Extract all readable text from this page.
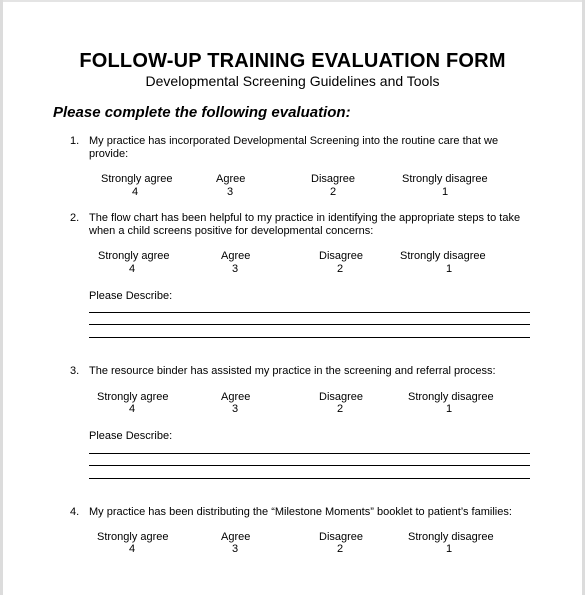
FOLLOW-UP TRAINING EVALUATION FORM
Developmental Screening Guidelines and Tools
Please complete the following evaluation:
1. My practice has incorporated Developmental Screening into the routine care that we provide:
Strongly agree
4
Agree
3
Disagree
2
Strongly disagree
1
2. The flow chart has been helpful to my practice in identifying the appropriate steps to take when a child screens positive for developmental concerns:
Strongly agree
4
Agree
3
Disagree
2
Strongly disagree
1
Please Describe:
3. The resource binder has assisted my practice in the screening and referral process:
Strongly agree
4
Agree
3
Disagree
2
Strongly disagree
1
Please Describe:
4. My practice has been distributing the “Milestone Moments” booklet to patient’s families:
Strongly agree
4
Agree
3
Disagree
2
Strongly disagree
1
